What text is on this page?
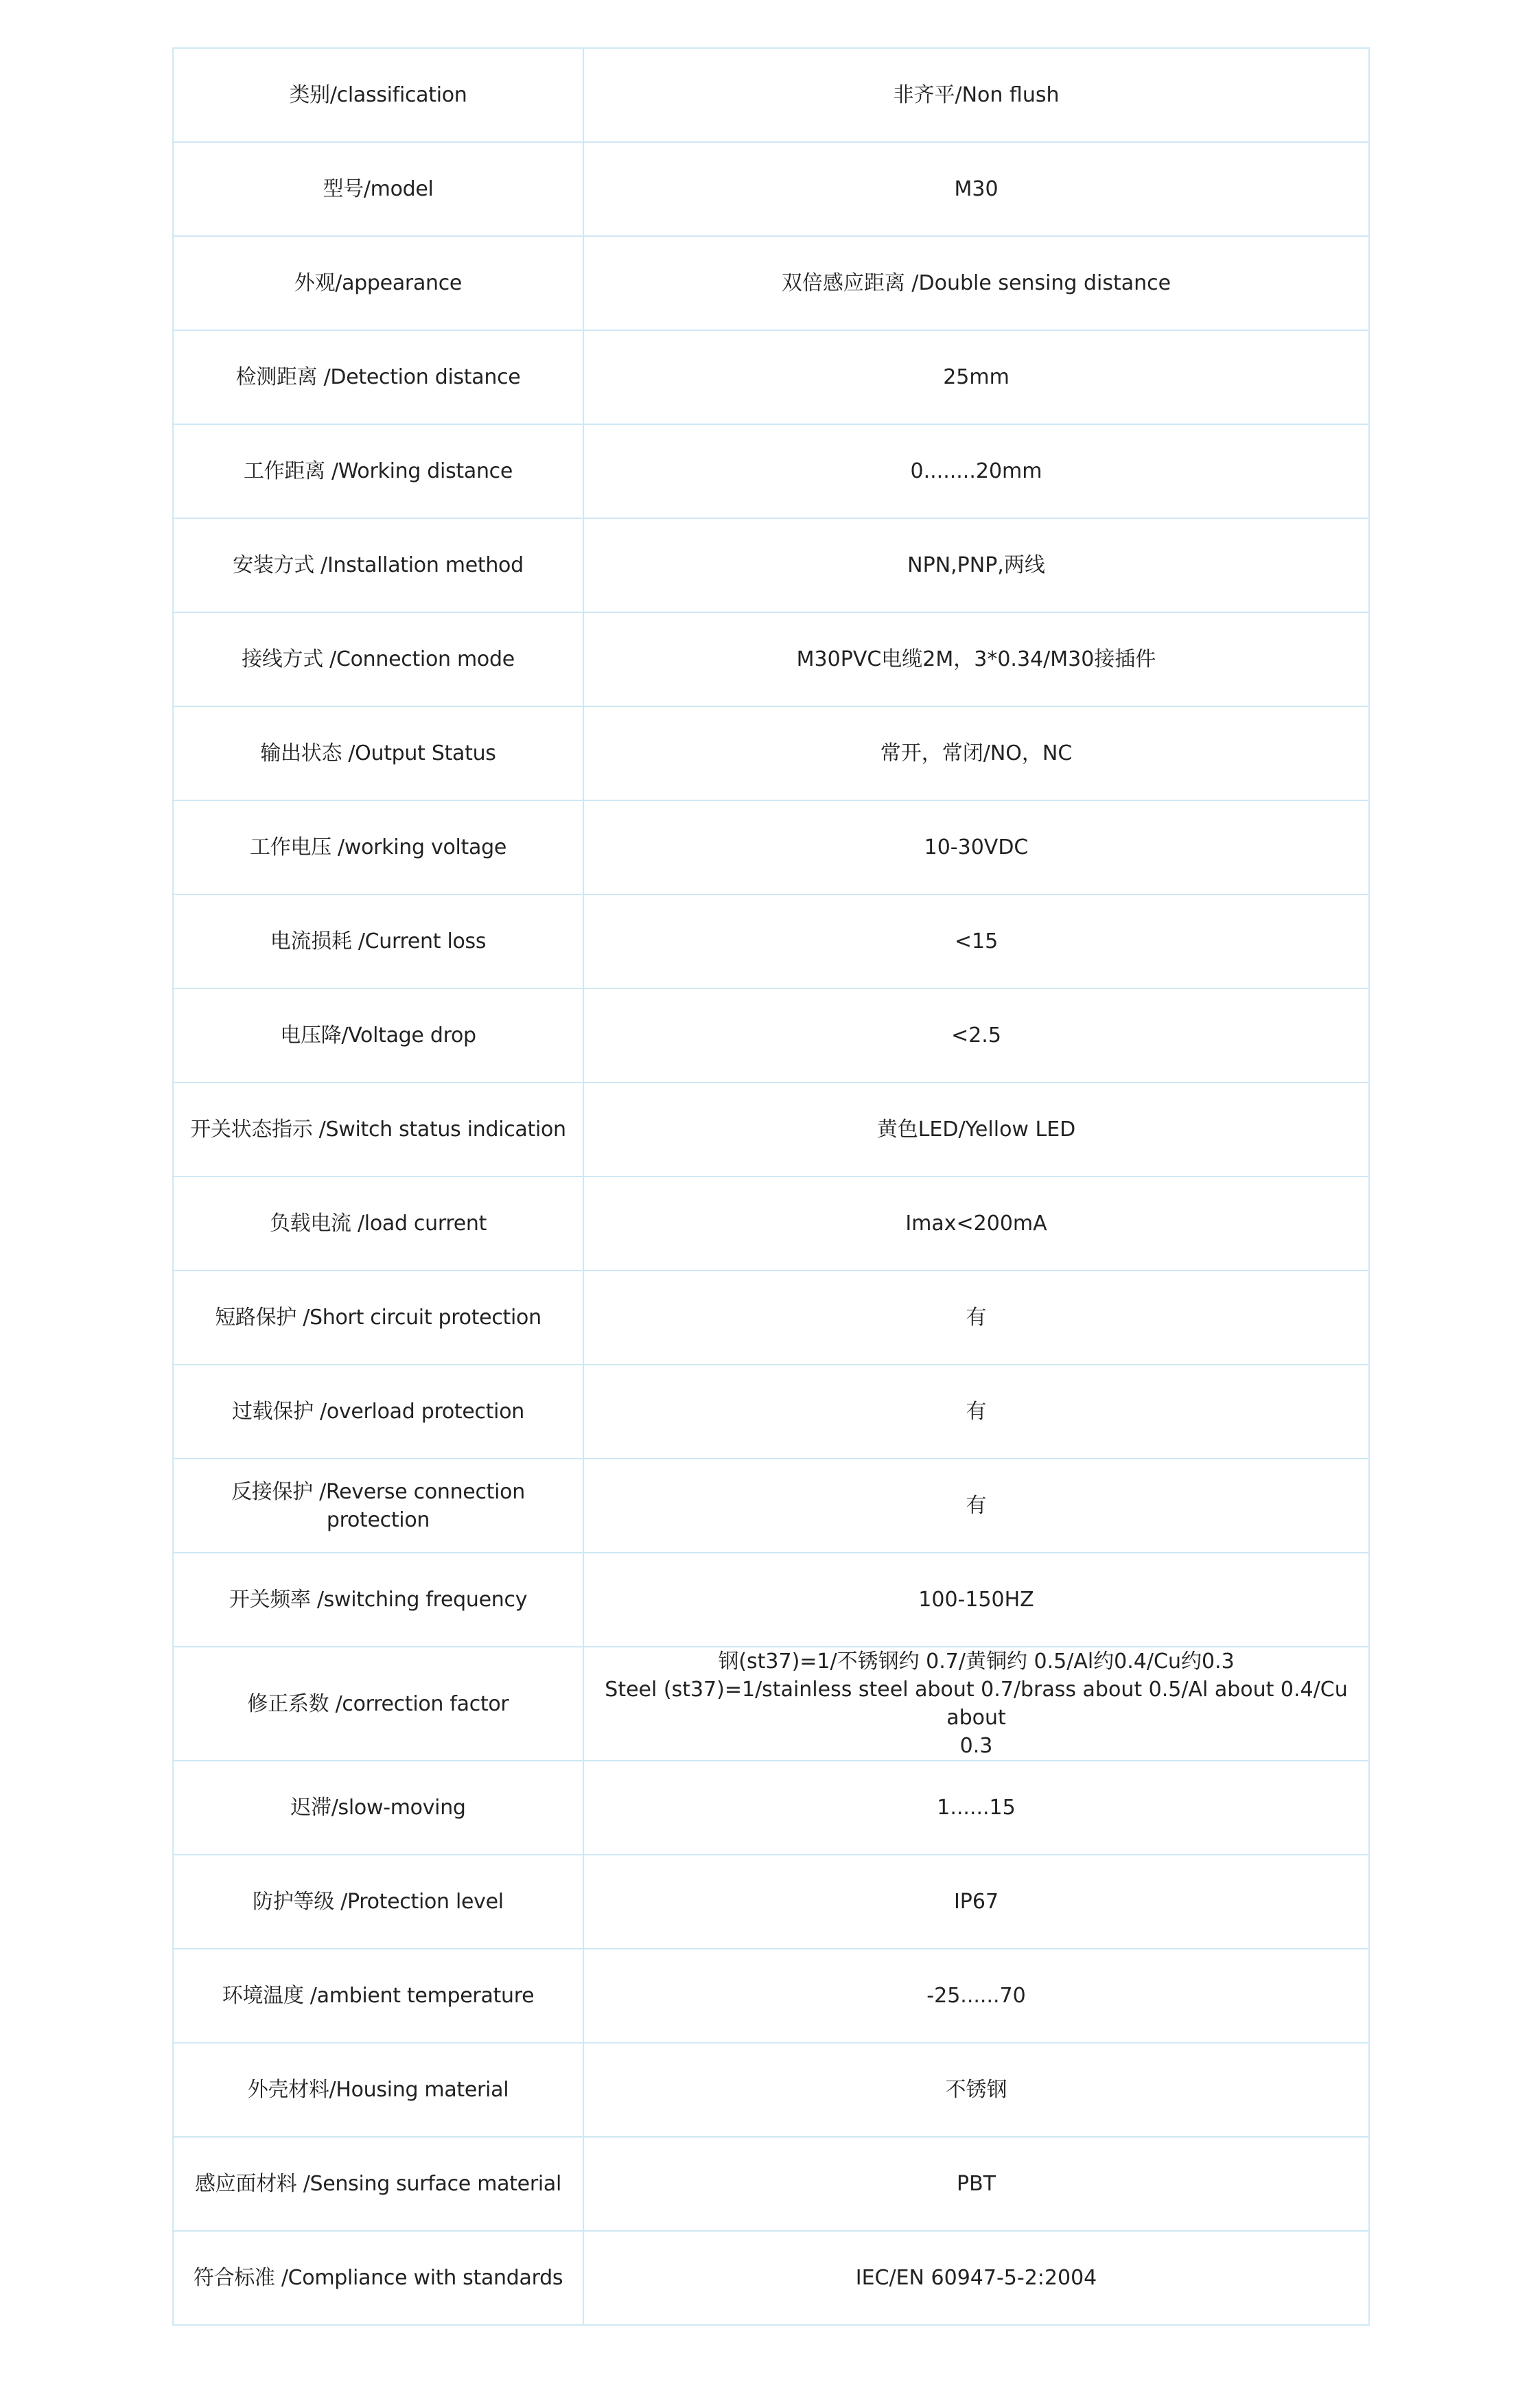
类别/classification	非齐平/Non flush

型号/model	M30

外观/appearance	双倍感应距离 /Double sensing distance

检测距离 /Detection distance	25mm

工作距离 /Working distance	0........20mm

安装方式 /Installation method	NPN,PNP,两线

接线方式 /Connection mode	M30PVC电缆2M，3*0.34/M30接插件

输出状态 /Output Status	常开，常闭/NO，NC

工作电压 /working voltage	10-30VDC

电流损耗 /Current loss	<15

电压降/Voltage drop	<2.5

开关状态指示 /Switch status indication	黄色LED/Yellow LED

负载电流 /load current	Imax<200mA

短路保护 /Short circuit protection	有

过载保护 /overload protection	有

反接保护 /Reverse connection protection	有

开关频率 /switching frequency	100-150HZ

修正系数 /correction factor	钢(st37)=1/不锈钢约 0.7/黄铜约 0.5/Al约0.4/Cu约0.3
Steel (st37)=1/stainless steel about 0.7/brass about 0.5/Al about 0.4/Cu about
0.3

迟滞/slow-moving	1......15

防护等级 /Protection level	IP67

环境温度 /ambient temperature	-25......70

外壳材料/Housing material	不锈钢

感应面材料 /Sensing surface material	PBT

符合标准 /Compliance with standards	IEC/EN 60947-5-2:2004
